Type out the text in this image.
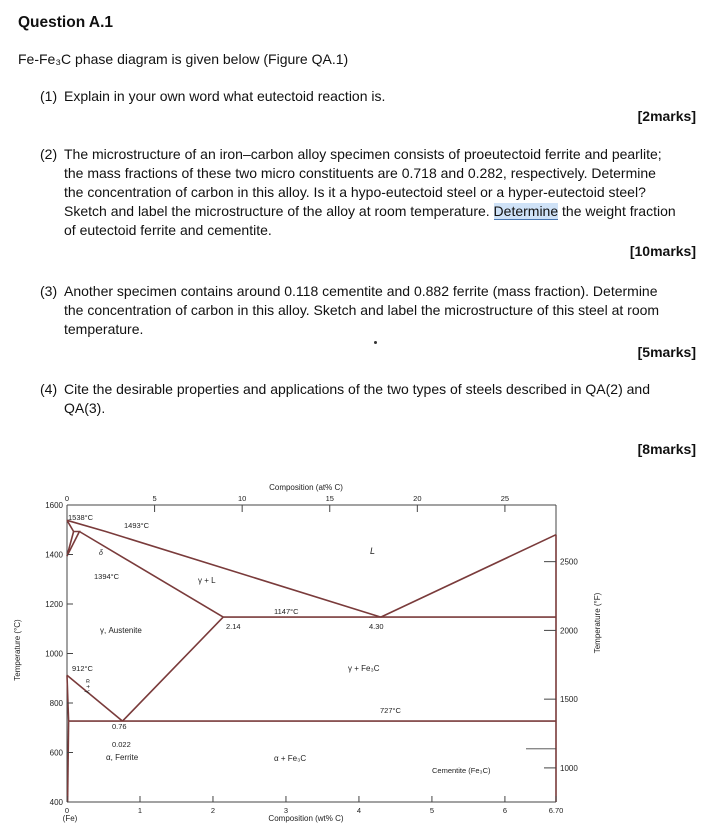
Question A.1
Fe-Fe₃C phase diagram is given below (Figure QA.1)
(1) Explain in your own word what eutectoid reaction is.
[2marks]
(2) The microstructure of an iron–carbon alloy specimen consists of proeutectoid ferrite and pearlite;
the mass fractions of these two micro constituents are 0.718 and 0.282, respectively. Determine
the concentration of carbon in this alloy. Is it a hypo-eutectoid steel or a hyper-eutectoid steel?
Sketch and label the microstructure of the alloy at room temperature. Determine the weight fraction
of eutectoid ferrite and cementite.
[10marks]
(3) Another specimen contains around 0.118 cementite and 0.882 ferrite (mass fraction). Determine
the concentration of carbon in this alloy. Sketch and label the microstructure of this steel at room
temperature.
[5marks]
(4) Cite the desirable properties and applications of the two types of steels described in QA(2) and
QA(3).
[8marks]
400
600
800
1000
1200
1400
1600
1000
1500
2000
2500
0	1	2	3	4	5	6	6.70
0	5	10	15	20	25
Composition (at% C)
Composition (wt% C)
(Fe)
Temperature (°C)	Temperature (°F)
L
γ + L
γ, Austenite
γ + Fe₃C
α + Fe₃C
α, Ferrite
Cementite (Fe₃C)
δ
α + γ
1538°C
1493°C
1394°C
1147°C
912°C
727°C
2.14	4.30
0.76
0.022
